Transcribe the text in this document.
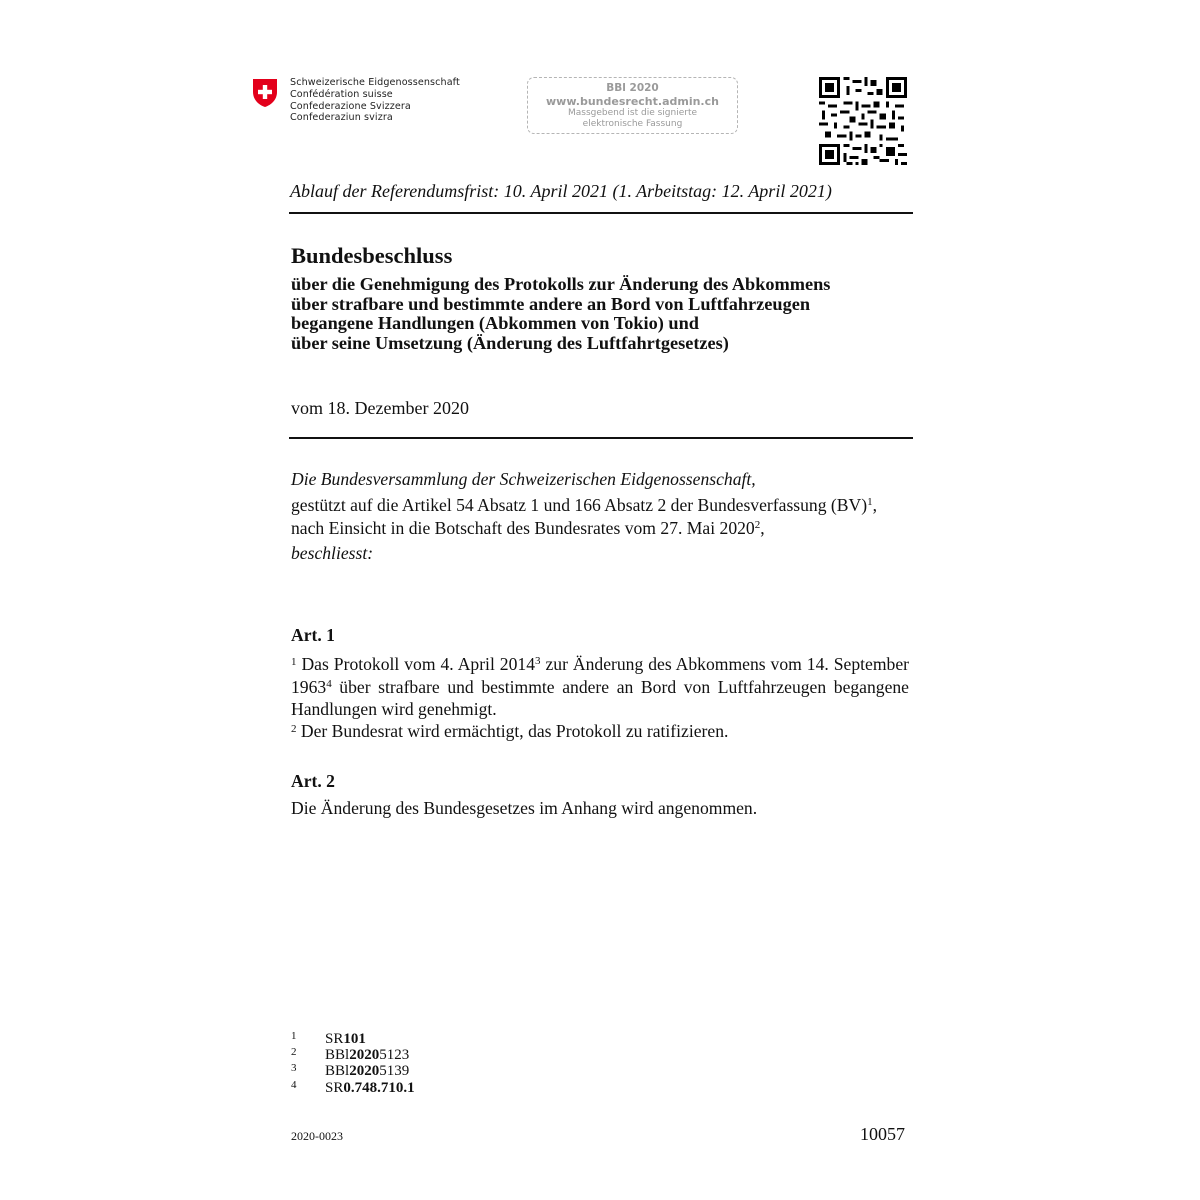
Schweizerische Eidgenossenschaft
Confédération suisse
Confederazione Svizzera
Confederaziun svizra
BBl 2020
www.bundesrecht.admin.ch
Massgebend ist die signierte
elektronische Fassung
Ablauf der Referendumsfrist: 10. April 2021 (1. Arbeitstag: 12. April 2021)
Bundesbeschluss
über die Genehmigung des Protokolls zur Änderung des Abkommens
über strafbare und bestimmte andere an Bord von Luftfahrzeugen
begangene Handlungen (Abkommen von Tokio) und
über seine Umsetzung (Änderung des Luftfahrtgesetzes)
vom 18. Dezember 2020
Die Bundesversammlung der Schweizerischen Eidgenossenschaft,
gestützt auf die Artikel 54 Absatz 1 und 166 Absatz 2 der Bundesverfassung (BV)$^1$,
nach Einsicht in die Botschaft des Bundesrates vom 27. Mai 2020$^2$,
beschliesst:
Art. 1
$^1$ Das Protokoll vom 4. April 2014$^3$ zur Änderung des Abkommens vom 14. September 1963$^4$ über strafbare und bestimmte andere an Bord von Luftfahrzeugen begangene Handlungen wird genehmigt.
$^2$ Der Bundesrat wird ermächtigt, das Protokoll zu ratifizieren.
Art. 2
Die Änderung des Bundesgesetzes im Anhang wird angenommen.
1	SR 101
2	BBl 2020 5123
3	BBl 2020 5139
4	SR 0.748.710.1
2020-0023	10057
